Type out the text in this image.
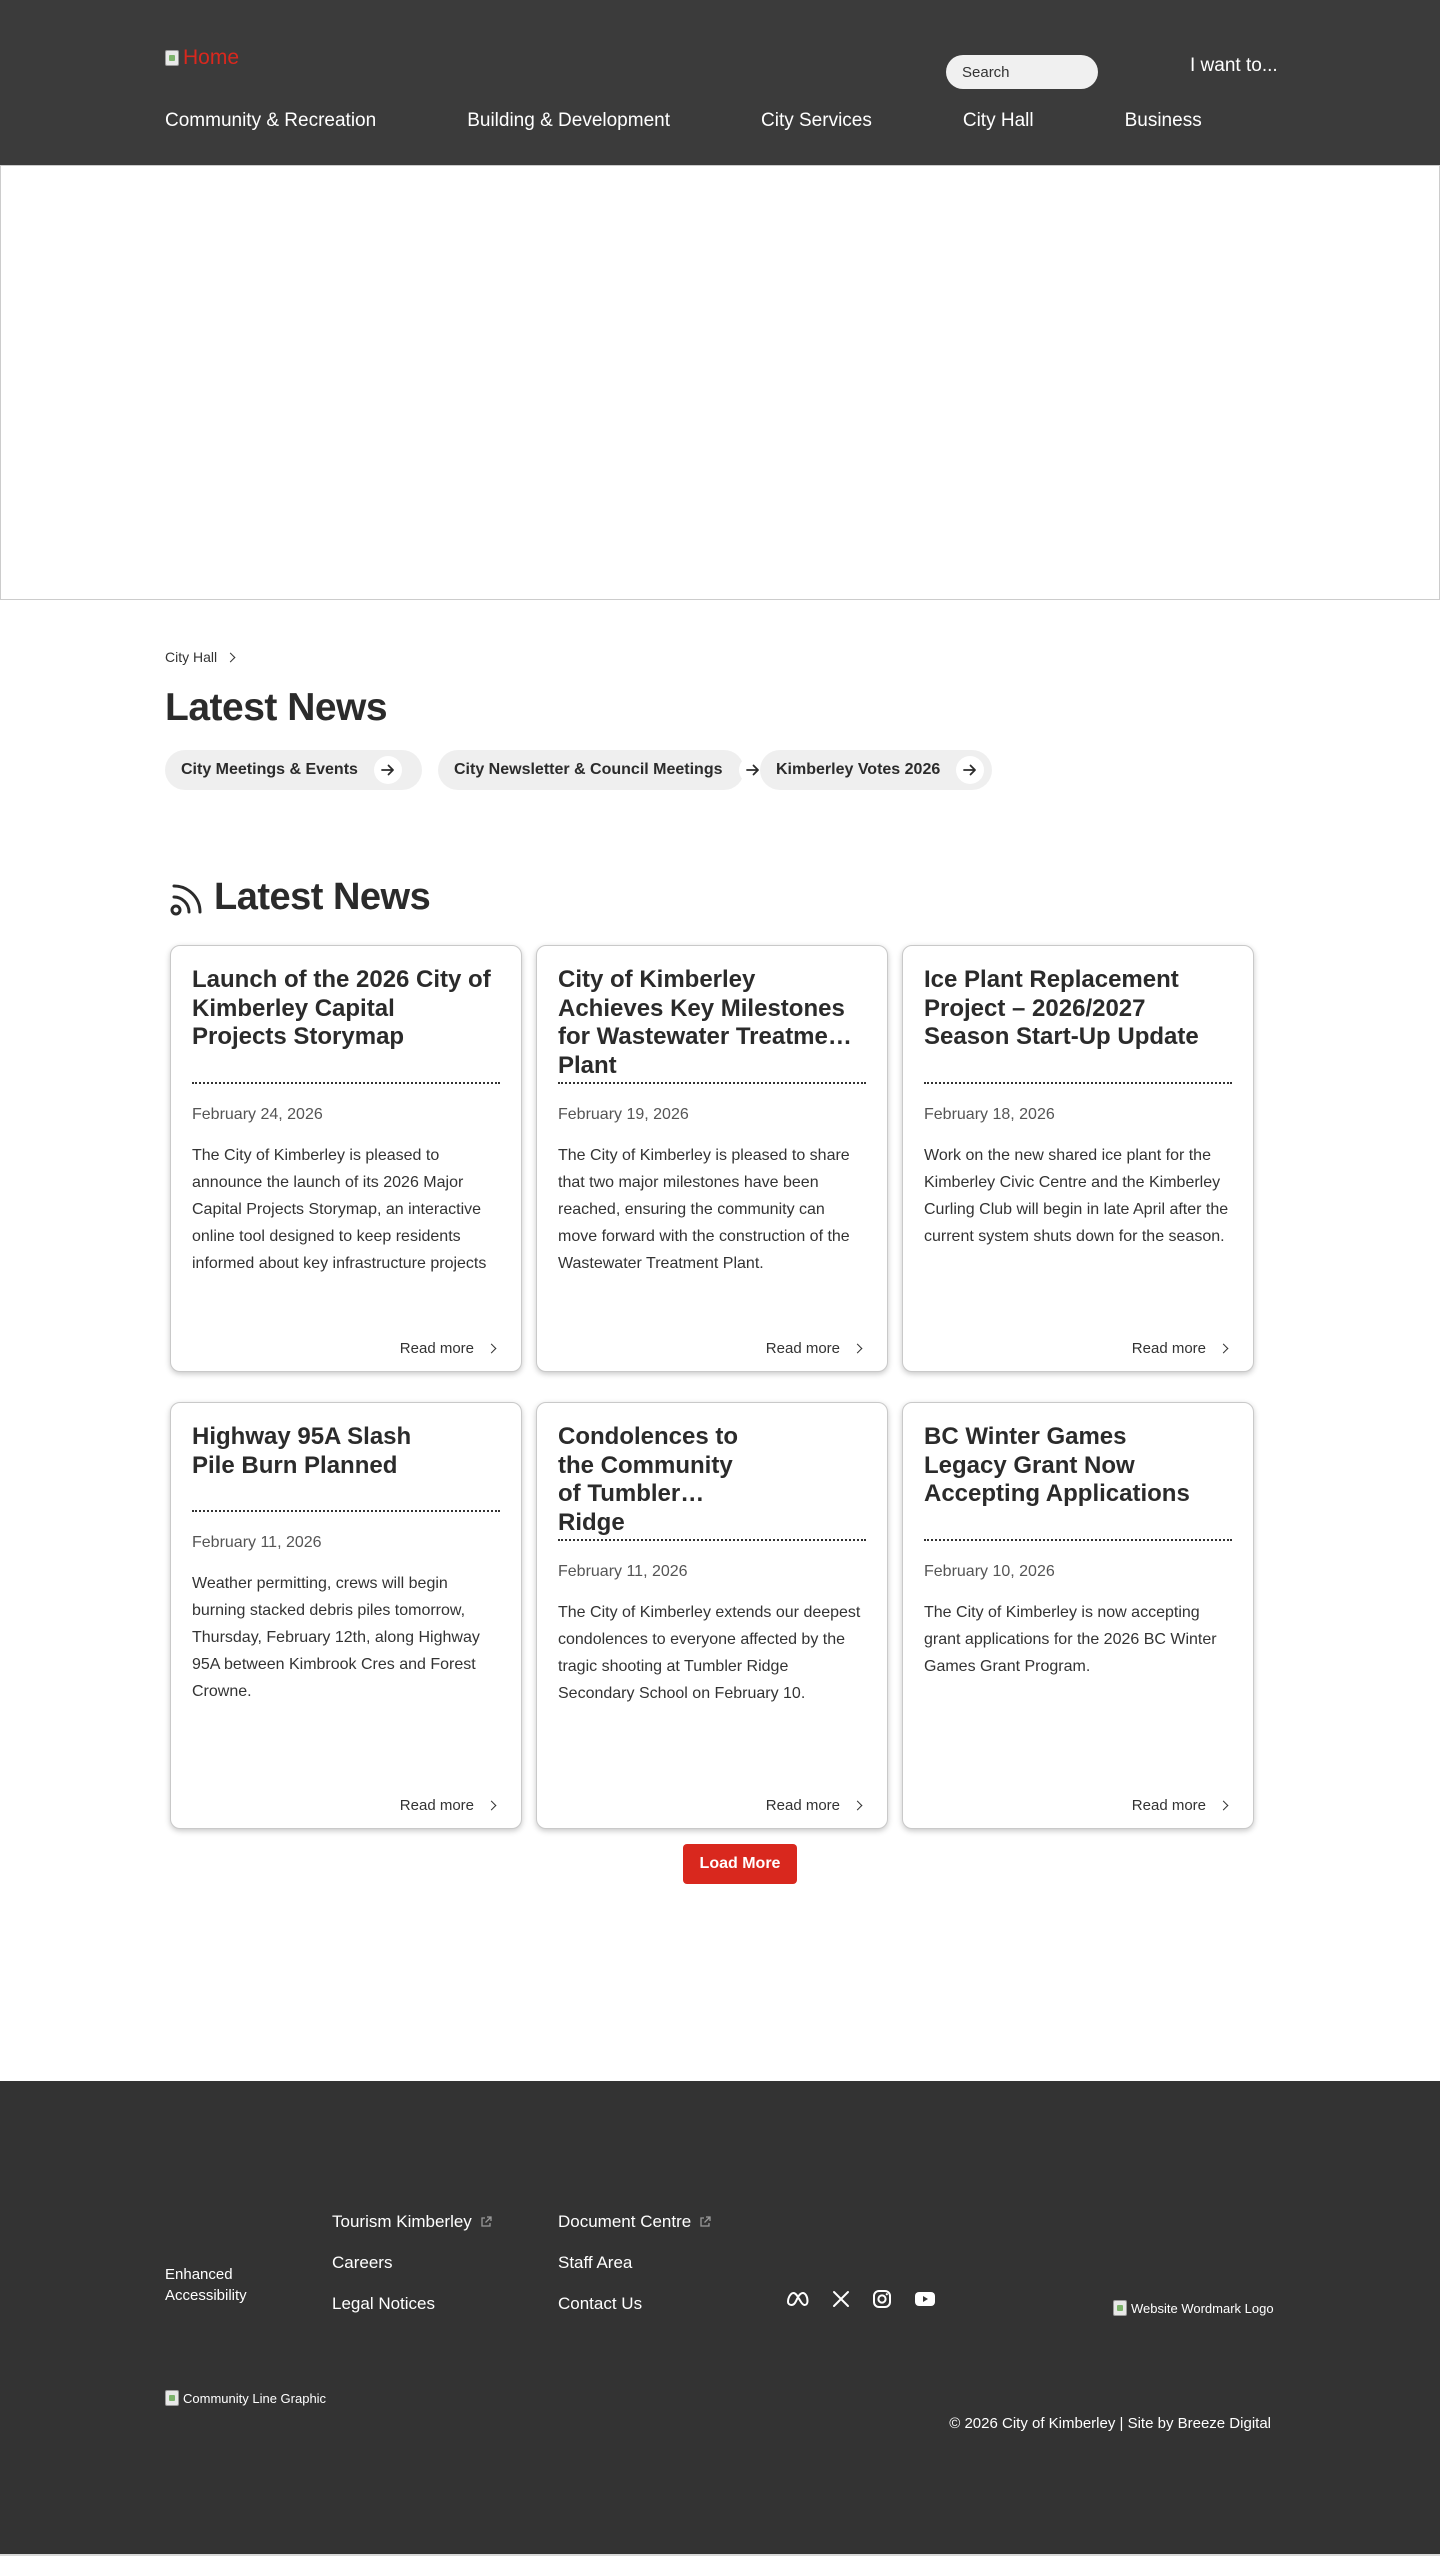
Home
Search	I want to...
Community & Recreation	Building & Development	City Services	City Hall	Business
City Hall
Latest News
City Meetings & Events	City Newsletter & Council Meetings	Kimberley Votes 2026
Latest News
Launch of the 2026 City of Kimberley Capital Projects Storymap
February 24, 2026

The City of Kimberley is pleased to announce the launch of its 2026 Major Capital Projects Storymap, an interactive online tool designed to keep residents informed about key infrastructure projects

Read more
City of Kimberley Achieves Key Milestones for Wastewater Treatment Plant
February 19, 2026

The City of Kimberley is pleased to share that two major milestones have been reached, ensuring the community can move forward with the construction of the Wastewater Treatment Plant.

Read more
Ice Plant Replacement Project – 2026/2027 Season Start-Up Update
February 18, 2026

Work on the new shared ice plant for the Kimberley Civic Centre and the Kimberley Curling Club will begin in late April after the current system shuts down for the season.

Read more
Highway 95A Slash Pile Burn Planned
February 11, 2026

Weather permitting, crews will begin burning stacked debris piles tomorrow, Thursday, February 12th, along Highway 95A between Kimbrook Cres and Forest Crowne.

Read more
Condolences to the Community of Tumbler Ridge
February 11, 2026

The City of Kimberley extends our deepest condolences to everyone affected by the tragic shooting at Tumbler Ridge Secondary School on February 10.

Read more
BC Winter Games Legacy Grant Now Accepting Applications
February 10, 2026

The City of Kimberley is now accepting grant applications for the 2026 BC Winter Games Grant Program.

Read more
Load More
Enhanced Accessibility
Tourism Kimberley
Careers
Legal Notices
Document Centre
Staff Area
Contact Us	Website Wordmark Logo
Community Line Graphic
© 2026 City of Kimberley | Site by Breeze Digital
